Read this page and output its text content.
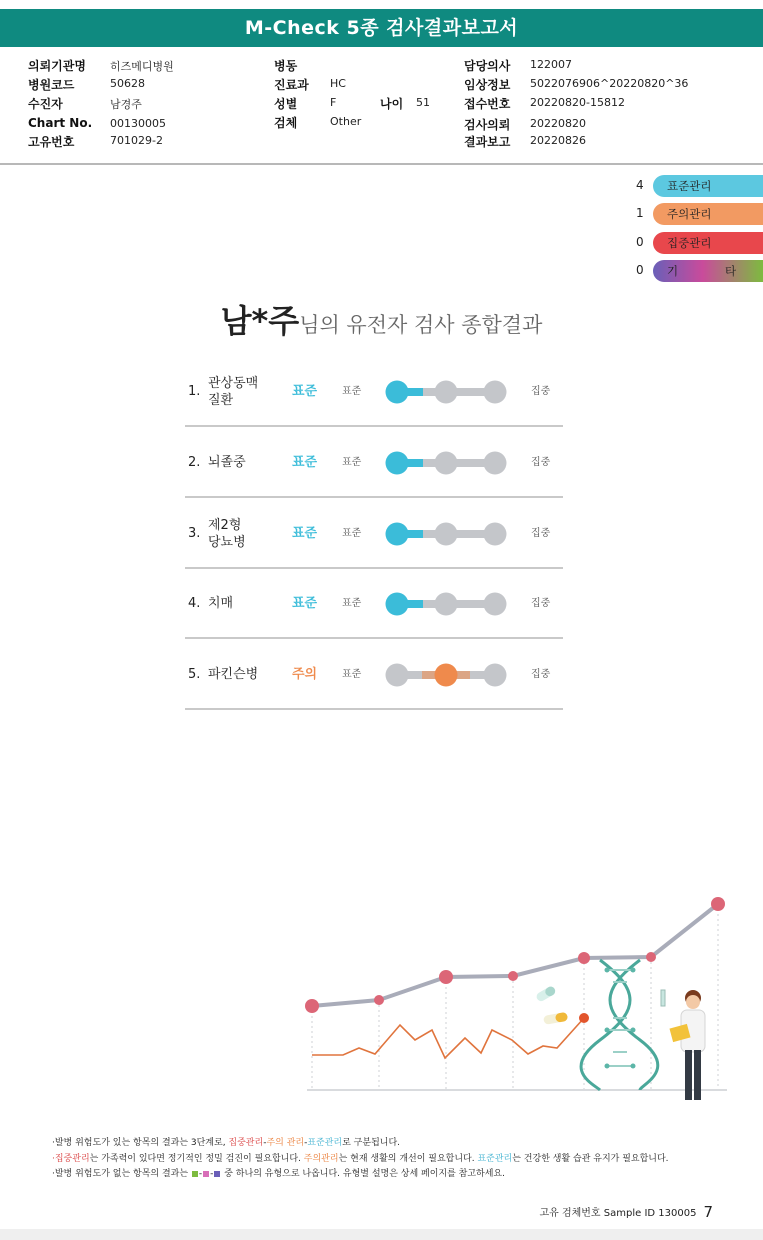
M-Check 5종 검사결과보고서
의뢰기관명 히즈메디병원
병원코드	50628
수진자	남경주
Chart No. 00130005
고유번호	701029-2
병동
진료과 HC
성별	F	나이 51
검체	Other
담당의사 122007
임상정보 5022076906^20220820^36
접수번호 20220820-15812
검사의뢰 20220820
결과보고 20220826
4	표준관리
1	주의관리
0	집중관리
0 기	타
남*주님의 유전자 검사 종합결과
1.
관상동맥
질환
표준 표준	집중
2. 뇌졸중	표준 표준	집중
3.
제2형
당뇨병
표준 표준	집중
4. 치매	표준 표준	집중
5. 파킨슨병	주의 표준	집중
·발병 위험도가 있는 항목의 결과는 3단계로, 집중관리-주의 관리-표준관리로 구분됩니다.
·집중관리는 가족력이 있다면 정기적인 정밀 검진이 필요합니다. 주의관리는 현재 생활의 개선이 필요합니다. 표준관리는 건강한 생활 습관 유지가 필요합니다.
·발병 위험도가 없는 항목의 결과는 - - 중 하나의 유형으로 나옵니다. 유형별 설명은 상세 페이지를 참고하세요.
고유 검체번호 Sample ID 130005 7
